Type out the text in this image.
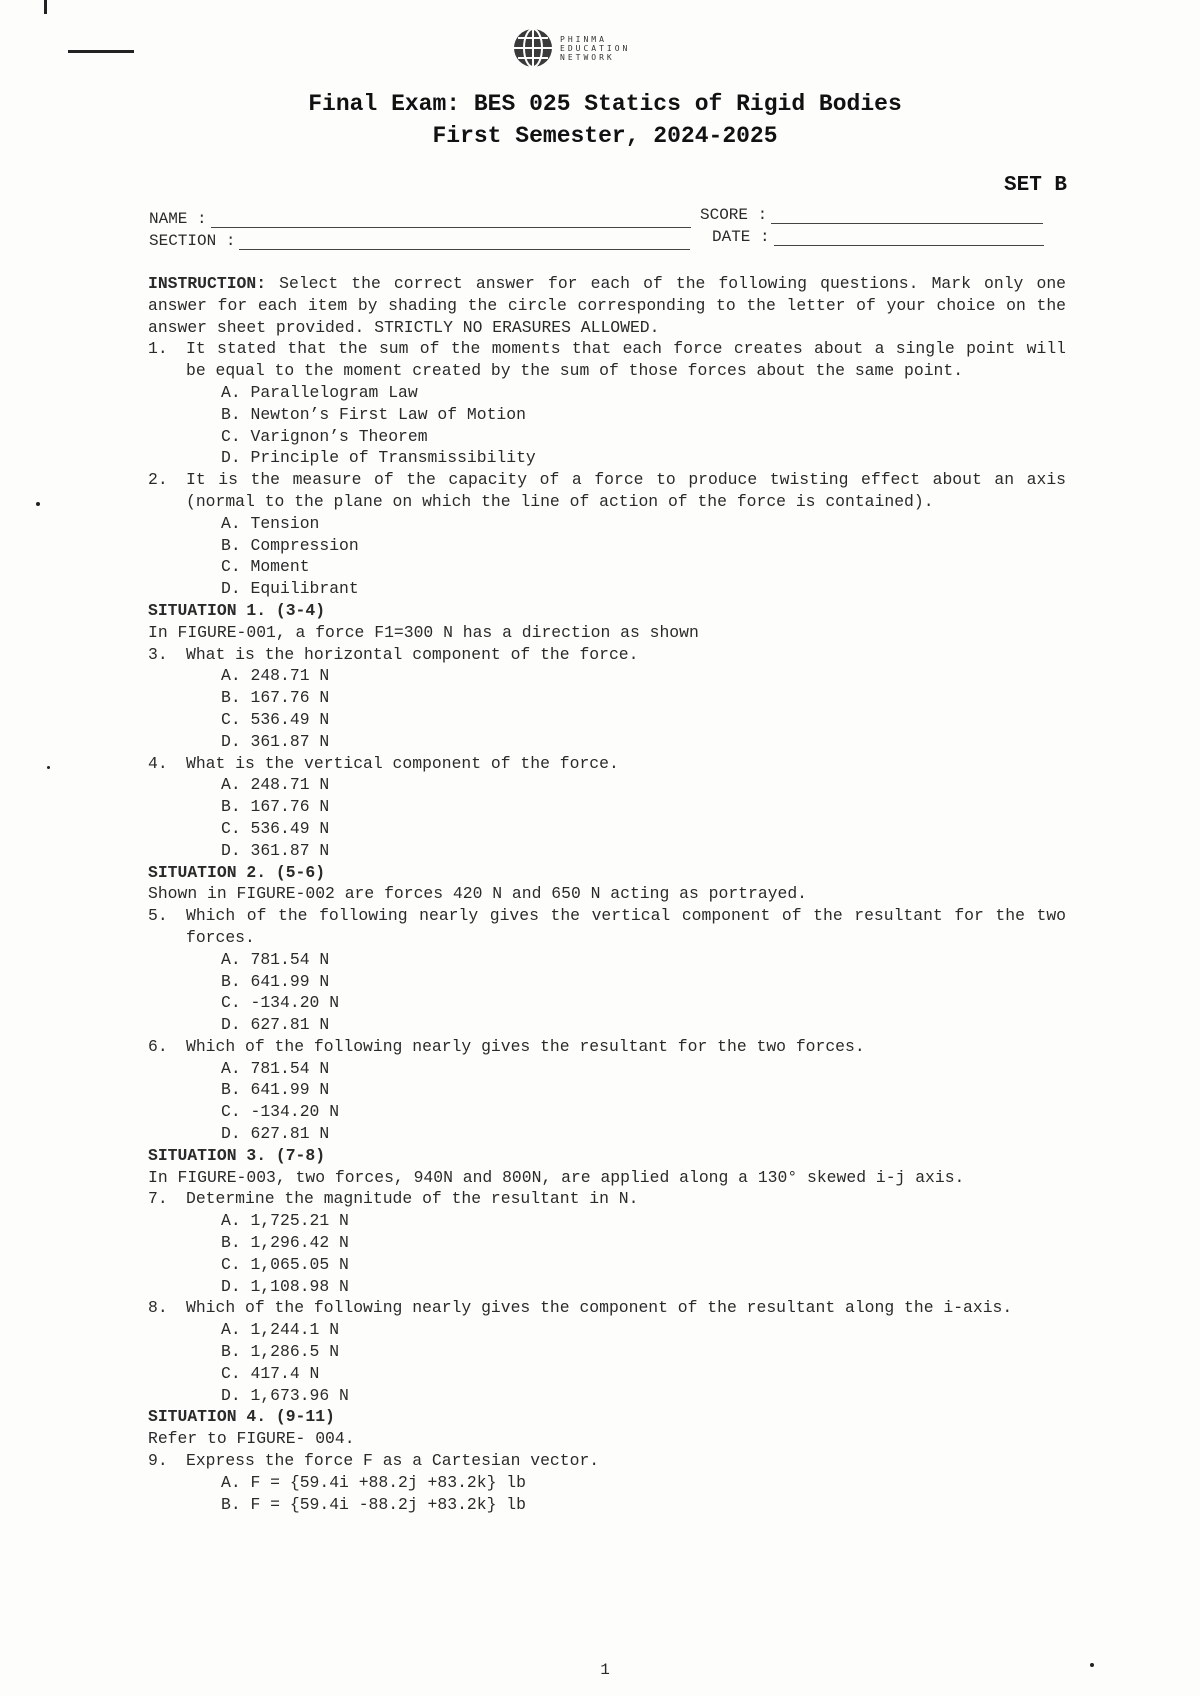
PHINMA
EDUCATION
NETWORK
Final Exam: BES 025 Statics of Rigid Bodies
First Semester, 2024-2025
SET B
NAME :
SECTION :
SCORE :
DATE :
INSTRUCTION: Select the correct answer for each of the following questions. Mark only one answer for each item by shading the circle corresponding to the letter of your choice on the answer sheet provided. STRICTLY NO ERASURES ALLOWED.
1.	It stated that the sum of the moments that each force creates about a single point will be equal to the moment created by the sum of those forces about the same point.
A. Parallelogram Law
B. Newton’s First Law of Motion
C. Varignon’s Theorem
D. Principle of Transmissibility
2.	It is the measure of the capacity of a force to produce twisting effect about an axis (normal to the plane on which the line of action of the force is contained).
A. Tension
B. Compression
C. Moment
D. Equilibrant
SITUATION 1. (3-4)
In FIGURE-001, a force F1=300 N has a direction as shown
3.	What is the horizontal component of the force.
A. 248.71 N
B. 167.76 N
C. 536.49 N
D. 361.87 N
4.	What is the vertical component of the force.
A. 248.71 N
B. 167.76 N
C. 536.49 N
D. 361.87 N
SITUATION 2. (5-6)
Shown in FIGURE-002 are forces 420 N and 650 N acting as portrayed.
5.	Which of the following nearly gives the vertical component of the resultant for the two forces.
A. 781.54 N
B. 641.99 N
C. -134.20 N
D. 627.81 N
6.	Which of the following nearly gives the resultant for the two forces.
A. 781.54 N
B. 641.99 N
C. -134.20 N
D. 627.81 N
SITUATION 3. (7-8)
In FIGURE-003, two forces, 940N and 800N, are applied along a 130° skewed i-j axis.
7.	Determine the magnitude of the resultant in N.
A. 1,725.21 N
B. 1,296.42 N
C. 1,065.05 N
D. 1,108.98 N
8.	Which of the following nearly gives the component of the resultant along the i-axis.
A. 1,244.1 N
B. 1,286.5 N
C. 417.4 N
D. 1,673.96 N
SITUATION 4. (9-11)
Refer to FIGURE- 004.
9.	Express the force F as a Cartesian vector.
A. F = {59.4i +88.2j +83.2k} lb
B. F = {59.4i -88.2j +83.2k} lb
1
